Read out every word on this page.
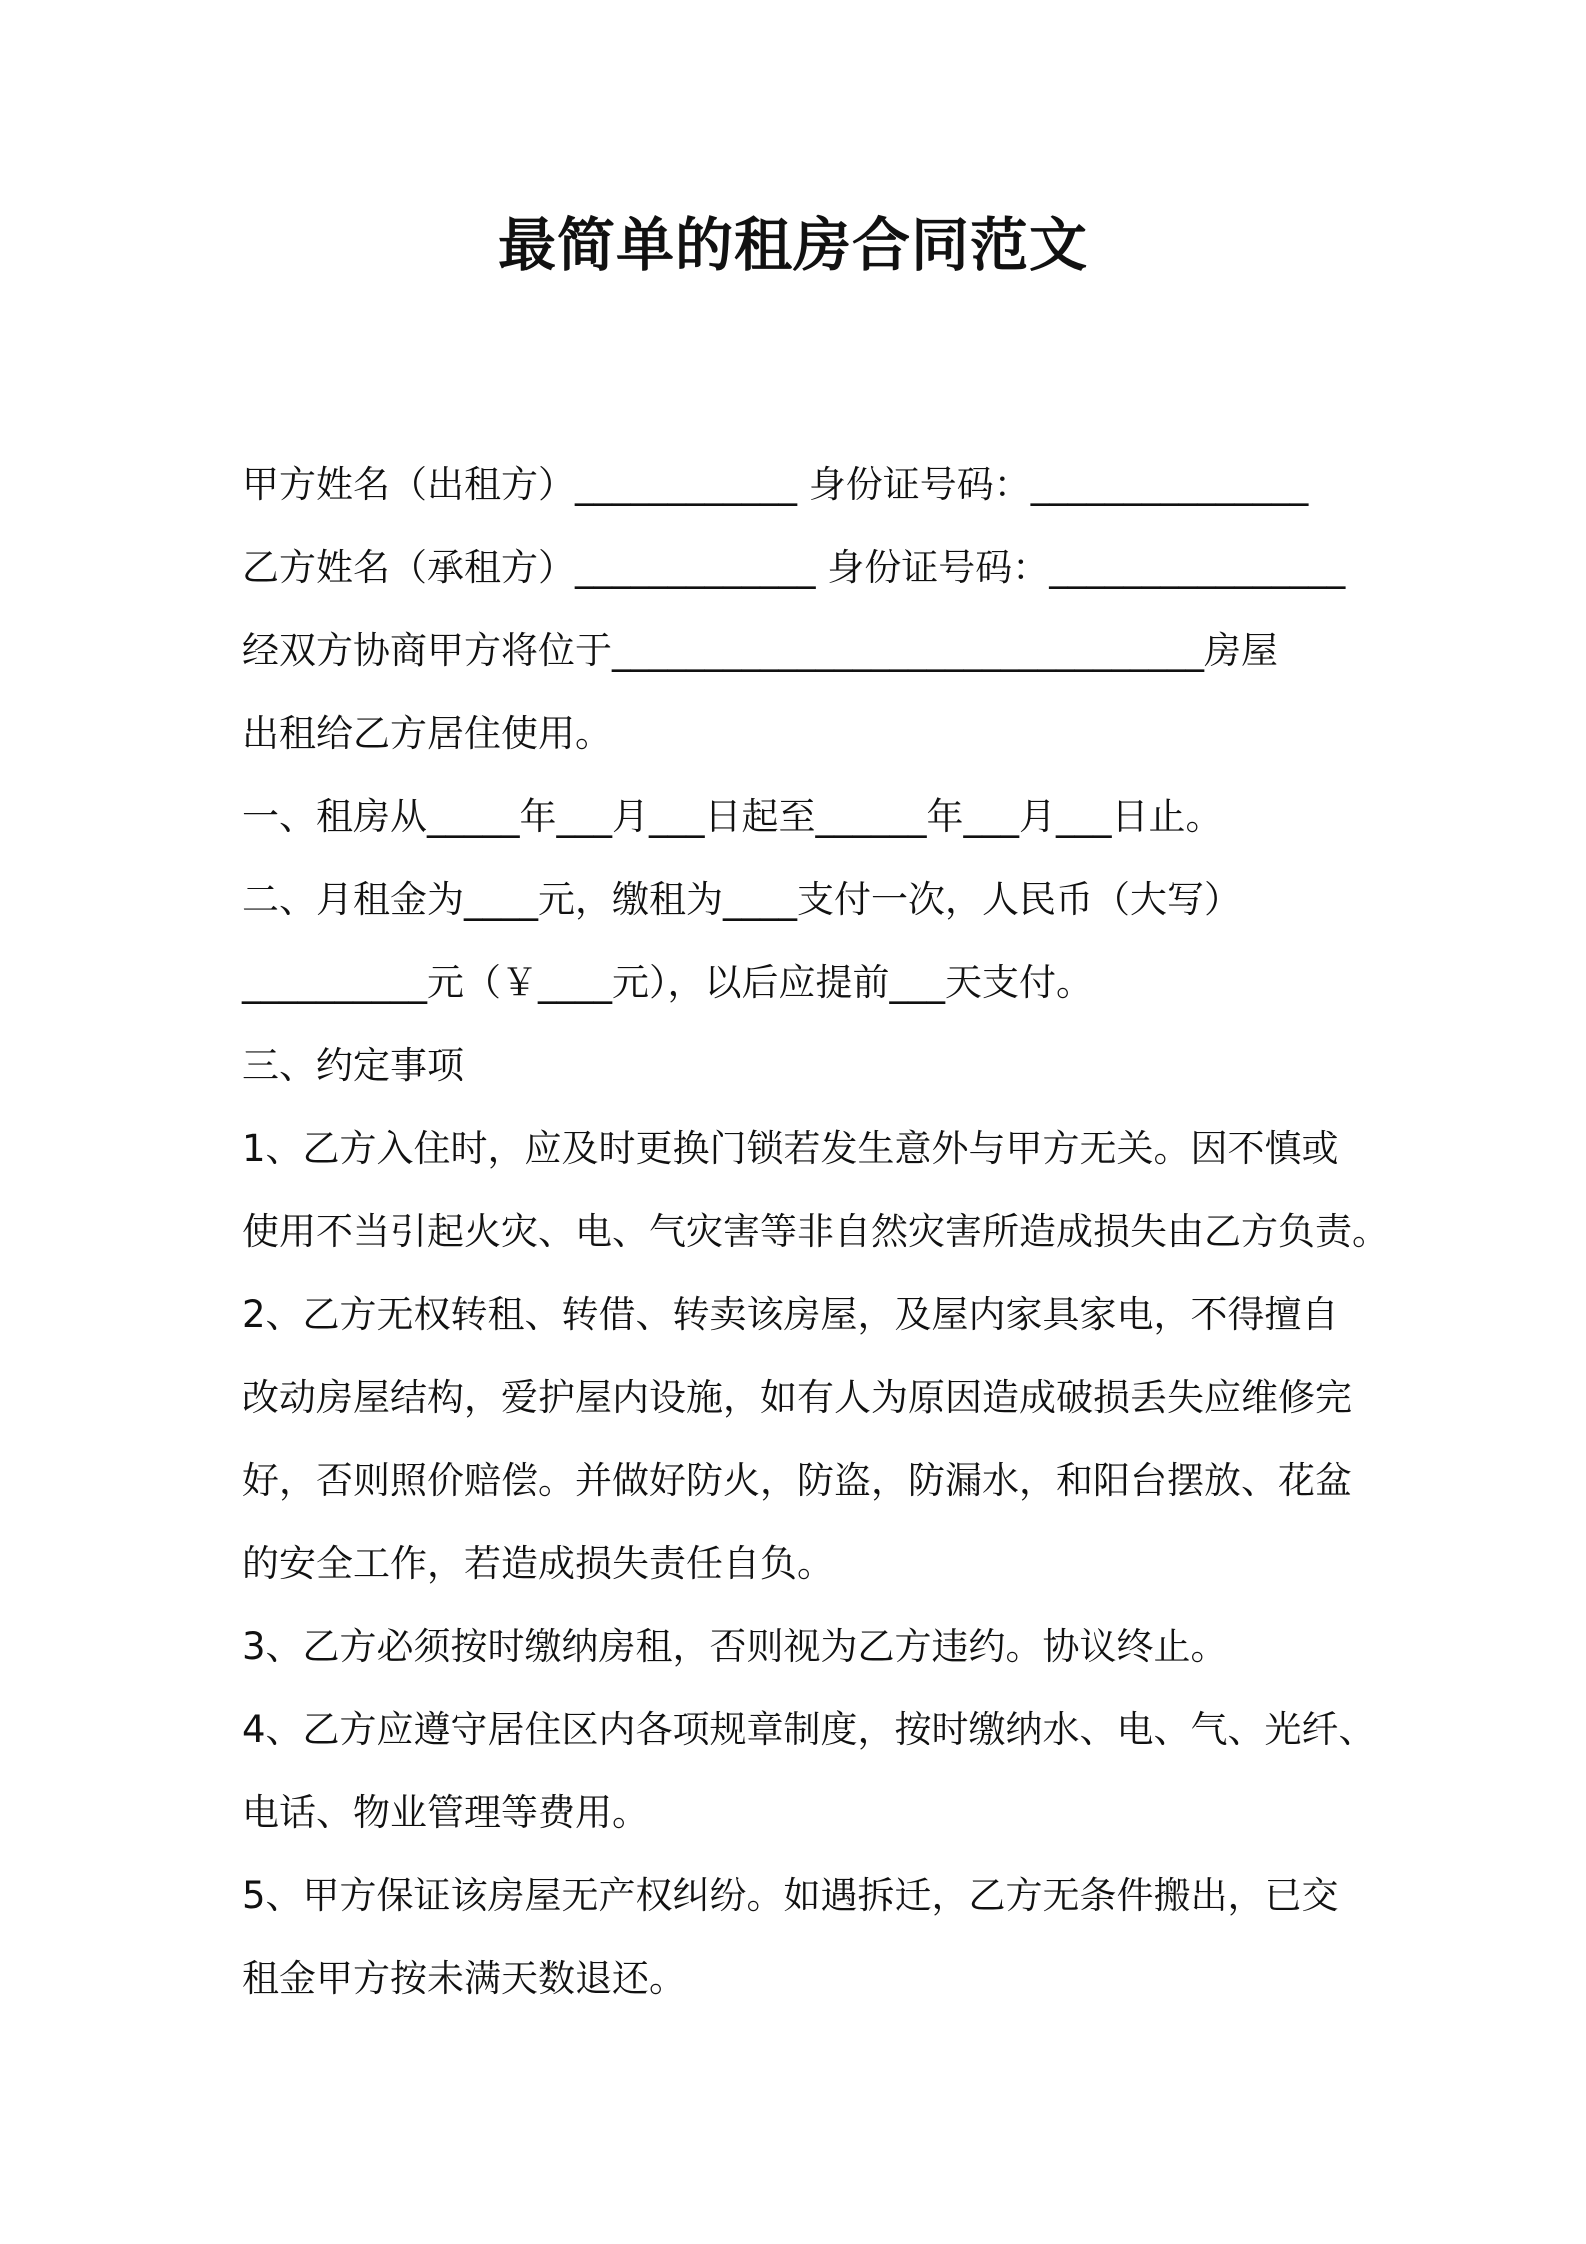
最简单的租房合同范文

甲方姓名（出租方）____________ 身份证号码：_______________

乙方姓名（承租方）_____________ 身份证号码：________________

经双方协商甲方将位于________________________________房屋

出租给乙方居住使用。

一、租房从_____年___月___日起至______年___月___日止。

二、月租金为____元，缴租为____支付一次，人民币（大写）

__________元（￥____元），以后应提前___天支付。

三、约定事项

1、乙方入住时，应及时更换门锁若发生意外与甲方无关。因不慎或

使用不当引起火灾、电、气灾害等非自然灾害所造成损失由乙方负责。

2、乙方无权转租、转借、转卖该房屋，及屋内家具家电，不得擅自

改动房屋结构，爱护屋内设施，如有人为原因造成破损丢失应维修完

好，否则照价赔偿。并做好防火，防盗，防漏水，和阳台摆放、花盆

的安全工作，若造成损失责任自负。

3、乙方必须按时缴纳房租，否则视为乙方违约。协议终止。

4、乙方应遵守居住区内各项规章制度，按时缴纳水、电、气、光纤、

电话、物业管理等费用。

5、甲方保证该房屋无产权纠纷。如遇拆迁，乙方无条件搬出，已交

租金甲方按未满天数退还。
